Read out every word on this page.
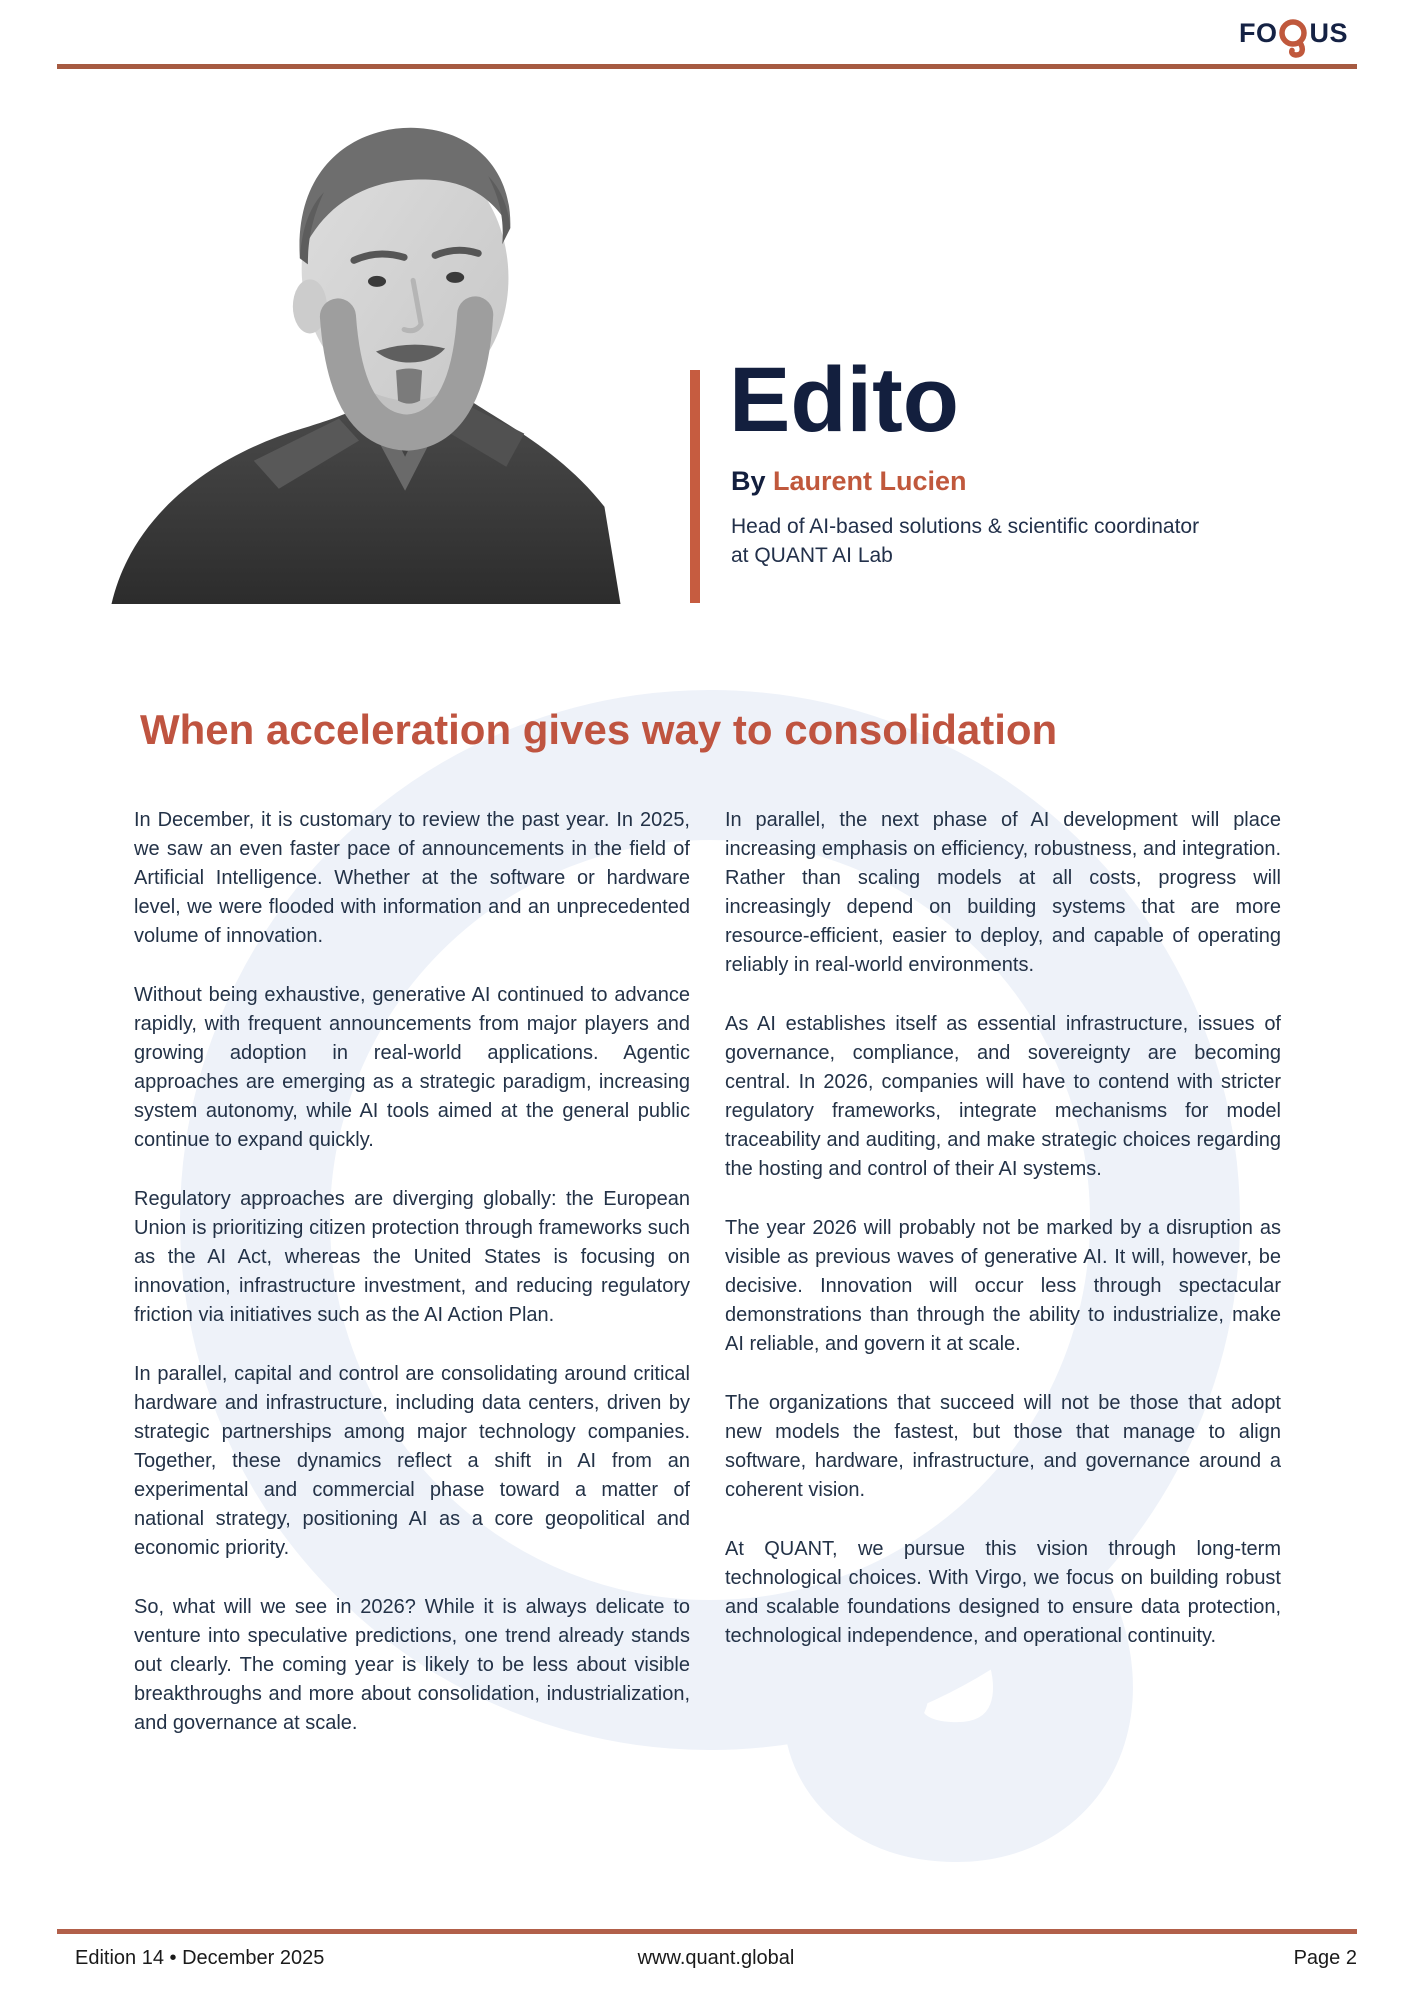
FO US
Edito
By Laurent Lucien
Head of AI-based solutions & scientific coordinator
at QUANT AI Lab
When acceleration gives way to consolidation

In December, it is customary to review the past year. In 2025, we saw an even faster pace of announcements in the field of Artificial Intelligence. Whether at the software or hardware level, we were flooded with information and an unprecedented volume of innovation.

Without being exhaustive, generative AI continued to advance rapidly, with frequent announcements from major players and growing adoption in real-world applications. Agentic approaches are emerging as a strategic paradigm, increasing system autonomy, while AI tools aimed at the general public continue to expand quickly.

Regulatory approaches are diverging globally: the European Union is prioritizing citizen protection through frameworks such as the AI Act, whereas the United States is focusing on innovation, infrastructure investment, and reducing regulatory friction via initiatives such as the AI Action Plan.

In parallel, capital and control are consolidating around critical hardware and infrastructure, including data centers, driven by strategic partnerships among major technology companies. Together, these dynamics reflect a shift in AI from an experimental and commercial phase toward a matter of national strategy, positioning AI as a core geopolitical and economic priority.

So, what will we see in 2026? While it is always delicate to venture into speculative predictions, one trend already stands out clearly. The coming year is likely to be less about visible breakthroughs and more about consolidation, industrialization, and governance at scale.

In parallel, the next phase of AI development will place increasing emphasis on efficiency, robustness, and integration. Rather than scaling models at all costs, progress will increasingly depend on building systems that are more resource-efficient, easier to deploy, and capable of operating reliably in real-world environments.

As AI establishes itself as essential infrastructure, issues of governance, compliance, and sovereignty are becoming central. In 2026, companies will have to contend with stricter regulatory frameworks, integrate mechanisms for model traceability and auditing, and make strategic choices regarding the hosting and control of their AI systems.

The year 2026 will probably not be marked by a disruption as visible as previous waves of generative AI. It will, however, be decisive. Innovation will occur less through spectacular demonstrations than through the ability to industrialize, make AI reliable, and govern it at scale.

The organizations that succeed will not be those that adopt new models the fastest, but those that manage to align software, hardware, infrastructure, and governance around a coherent vision.

At QUANT, we pursue this vision through long-term technological choices. With Virgo, we focus on building robust and scalable foundations designed to ensure data protection, technological independence, and operational continuity.

Edition 14 • December 2025	www.quant.global	Page 2
